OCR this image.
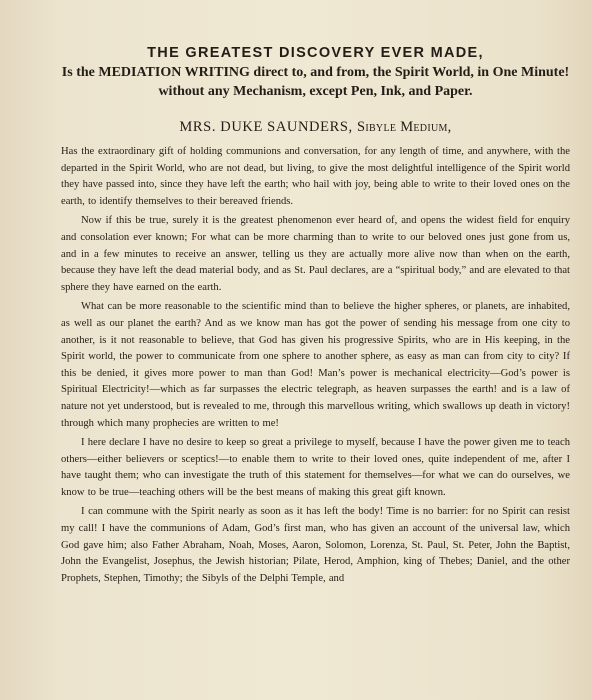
THE GREATEST DISCOVERY EVER MADE,
Is the MEDIATION WRITING direct to, and from, the Spirit World, in One Minute!
without any Mechanism, except Pen, Ink, and Paper.
MRS. DUKE SAUNDERS, Sibyle Medium,

Has the extraordinary gift of holding communions and conversation, for any length of time, and anywhere, with the departed in the Spirit World, who are not dead, but living, to give the most delightful intelligence of the Spirit world they have passed into, since they have left the earth; who hail with joy, being able to write to their loved ones on the earth, to identify themselves to their bereaved friends.

Now if this be true, surely it is the greatest phenomenon ever heard of, and opens the widest field for enquiry and consolation ever known; For what can be more charming than to write to our beloved ones just gone from us, and in a few minutes to receive an answer, telling us they are actually more alive now than when on the earth, because they have left the dead material body, and as St. Paul declares, are a “spiritual body,” and are elevated to that sphere they have earned on the earth.

What can be more reasonable to the scientific mind than to believe the higher spheres, or planets, are inhabited, as well as our planet the earth? And as we know man has got the power of sending his message from one city to another, is it not reasonable to believe, that God has given his progressive Spirits, who are in His keeping, in the Spirit world, the power to communicate from one sphere to another sphere, as easy as man can from city to city? If this be denied, it gives more power to man than God! Man’s power is mechanical electricity—God’s power is Spiritual Electricity!—which as far surpasses the electric telegraph, as heaven surpasses the earth! and is a law of nature not yet understood, but is revealed to me, through this marvellous writing, which swallows up death in victory! through which many prophecies are written to me!

I here declare I have no desire to keep so great a privilege to myself, because I have the power given me to teach others—either believers or sceptics!—to enable them to write to their loved ones, quite independent of me, after I have taught them; who can investigate the truth of this statement for themselves—for what we can do ourselves, we know to be true—teaching others will be the best means of making this great gift known.

I can commune with the Spirit nearly as soon as it has left the body! Time is no barrier: for no Spirit can resist my call! I have the communions of Adam, God’s first man, who has given an account of the universal law, which God gave him; also Father Abraham, Noah, Moses, Aaron, Solomon, Lorenza, St. Paul, St. Peter, John the Baptist, John the Evangelist, Josephus, the Jewish historian; Pilate, Herod, Amphion, king of Thebes; Daniel, and the other Prophets, Stephen, Timothy; the Sibyls of the Delphi Temple, and
